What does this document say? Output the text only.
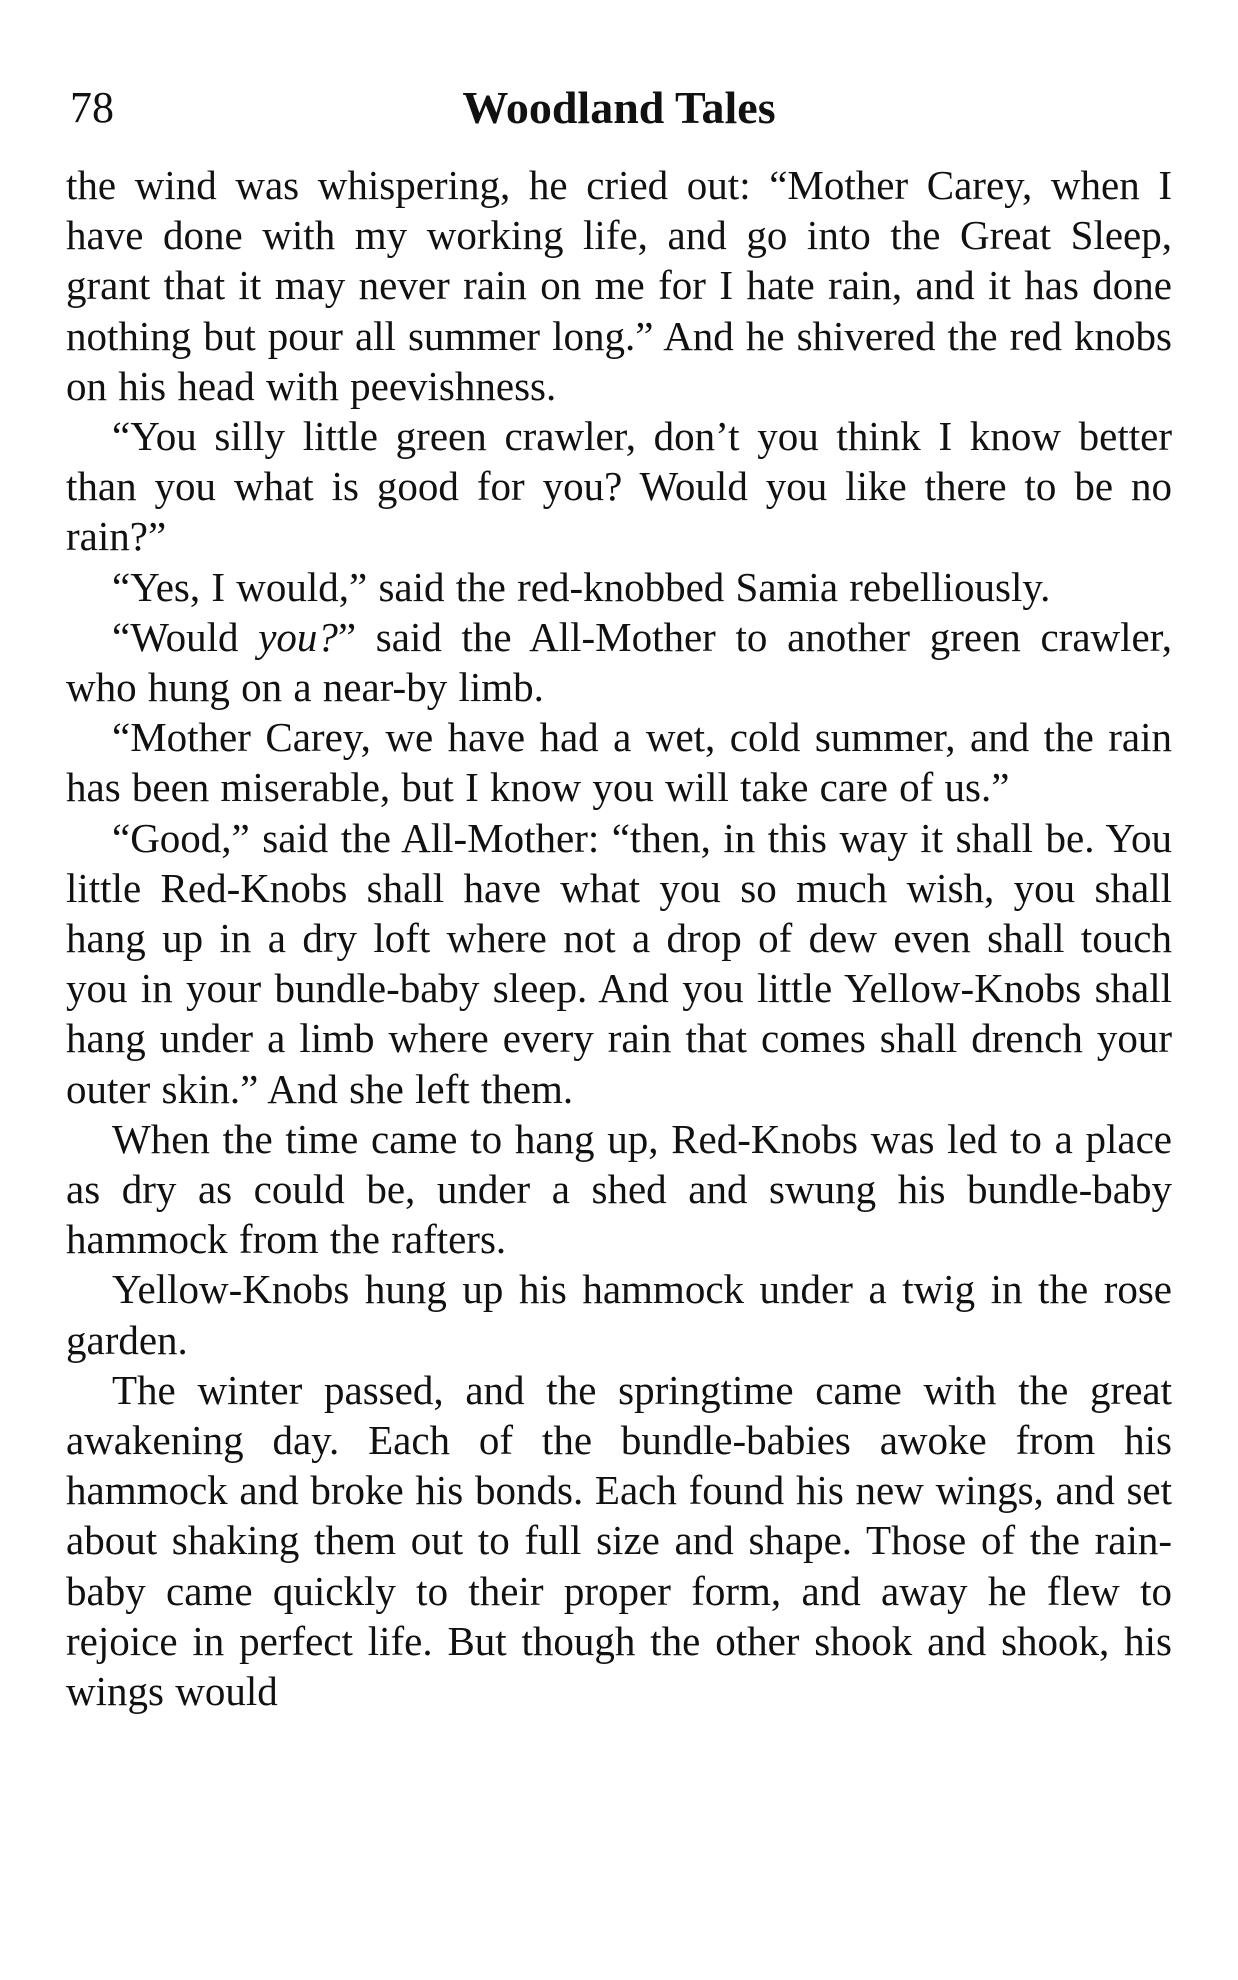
78	Woodland Tales

the wind was whispering, he cried out: “Mother Carey, when I have done with my working life, and go into the Great Sleep, grant that it may never rain on me for I hate rain, and it has done nothing but pour all summer long.” And he shivered the red knobs on his head with peevishness.

“You silly little green crawler, don’t you think I know better than you what is good for you? Would you like there to be no rain?”

“Yes, I would,” said the red-knobbed Samia rebelliously.

“Would you?” said the All-Mother to another green crawler, who hung on a near-by limb.

“Mother Carey, we have had a wet, cold summer, and the rain has been miserable, but I know you will take care of us.”

“Good,” said the All-Mother: “then, in this way it shall be. You little Red-Knobs shall have what you so much wish, you shall hang up in a dry loft where not a drop of dew even shall touch you in your bundle-baby sleep. And you little Yellow-Knobs shall hang under a limb where every rain that comes shall drench your outer skin.” And she left them.

When the time came to hang up, Red-Knobs was led to a place as dry as could be, under a shed and swung his bundle-baby hammock from the rafters.

Yellow-Knobs hung up his hammock under a twig in the rose garden.

The winter passed, and the springtime came with the great awakening day. Each of the bundle-babies awoke from his hammock and broke his bonds. Each found his new wings, and set about shaking them out to full size and shape. Those of the rain-baby came quickly to their proper form, and away he flew to rejoice in perfect life. But though the other shook and shook, his wings would
